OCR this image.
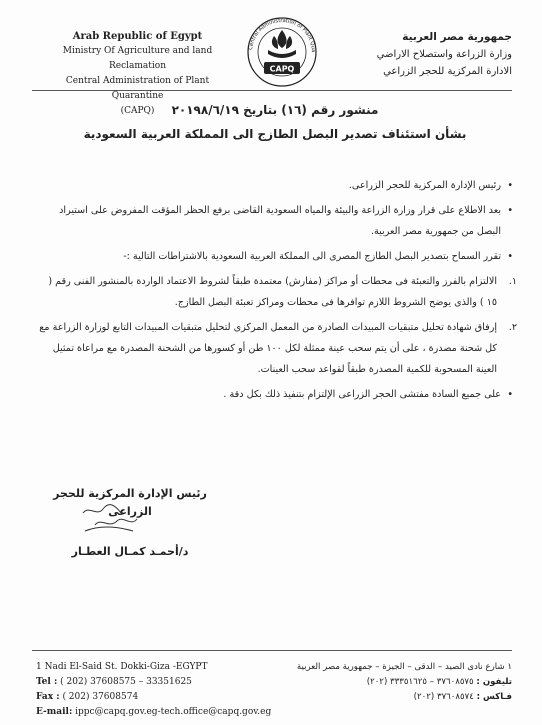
Arab Republic of Egypt
Ministry Of Agriculture and land Reclamation
Central Administration of Plant Quarantine
(CAPQ)
Central Administration of Plant Qua
CAPQ
جمهورية مصر العربية
وزارة الزراعة واستصلاح الاراضي
الادارة المركزية للحجر الزراعي
منشور رقم (١٦) بتاريخ ٢٠١٩٨/٦/١٩
بشأن استئناف تصدير البصل الطازج الى المملكة العربية السعودية
•
رئيس الإدارة المركزية للحجر الزراعى.
•
بعد الاطلاع على قرار وزارة الزراعة والبيئة والمياه السعودية القاضى برفع الحظر المؤقت المفروض على استيراد البصل من جمهورية مصر العربية.
•
تقرر السماح بتصدير البصل الطازج المصرى الى المملكة العربية السعودية بالاشتراطات التالية :-
١.
الالتزام بالفرز والتعبئة فى محطات أو مراكز (مفارش) معتمدة طبقاً لشروط الاعتماد الواردة بالمنشور الفنى رقم ( ١٥ ) والذى يوضح الشروط اللازم توافرها فى محطات ومراكز تعبئة البصل الطازج.
٢.
إرفاق شهادة تحليل متبقيات المبيدات الصادرة من المعمل المركزى لتحليل متبقيات المبيدات التابع لوزارة الزراعة مع كل شحنة مصدرة ، على أن يتم سحب عينة ممثلة لكل ١٠٠ طن أو كسورها من الشحنة المصدرة مع مراعاة تمثيل العينة المسحوبة للكمية المصدرة طبقاً لقواعد سحب العينات.
•
على جميع السادة مفتشى الحجر الزراعى الإلتزام بتنفيذ ذلك بكل دقة .
رئيس الإدارة المركزية للحجر الزراعى
د/أحمـد كمـال العطـار
1 Nadi El-Said St. Dokki-Giza -EGYPT
Tel : ( 202) 37608575 – 33351625
Fax : ( 202) 37608574
E-mail: ippc@capq.gov.eg-tech.office@capq.gov.eg
١ شارع نادى الصيد – الدقى – الجيزة – جمهورية مصر العربية
تليفون : ٣٧٦٠٨٥٧٥ – ٣٣٣٥١٦٢٥ (٢٠٢)
فـاكس : ٣٧٦٠٨٥٧٤ (٢٠٢)
